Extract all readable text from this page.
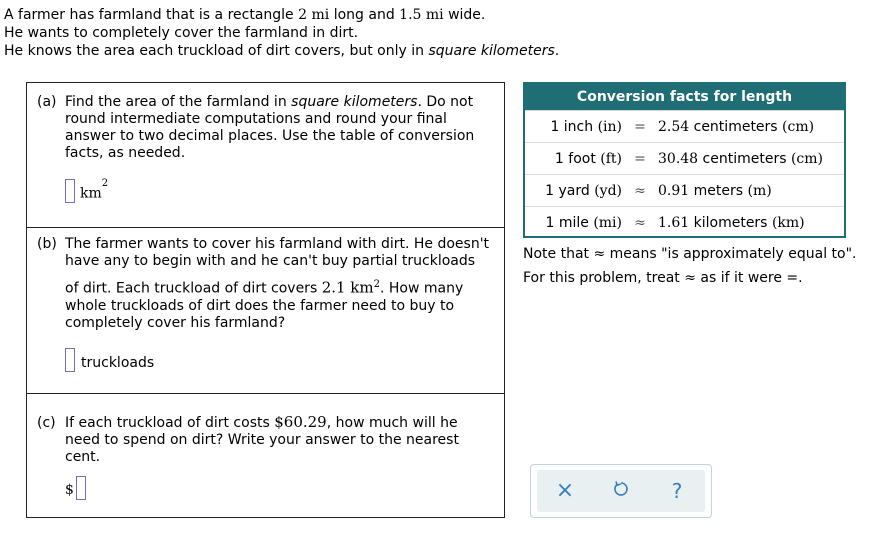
A farmer has farmland that is a rectangle 2 mi long and 1.5 mi wide.
He wants to completely cover the farmland in dirt.
He knows the area each truckload of dirt covers, but only in square kilometers.
(a) Find the area of the farmland in square kilometers. Do not
round intermediate computations and round your final
answer to two decimal places. Use the table of conversion
facts, as needed.
$km^2$
(b) The farmer wants to cover his farmland with dirt. He doesn't
have any to begin with and he can't buy partial truckloads
of dirt. Each truckload of dirt covers 2.1 $km^2$. How many
whole truckloads of dirt does the farmer need to buy to
completely cover his farmland?
truckloads
(c) If each truckload of dirt costs $60.29, how much will he
need to spend on dirt? Write your answer to the nearest
cent.
$
Conversion facts for length
1 inch (in) = 2.54 centimeters (cm)
1 foot (ft) = 30.48 centimeters (cm)
1 yard (yd) ≈ 0.91 meters (m)
1 mile (mi) ≈ 1.61 kilometers (km)
Note that ≈ means "is approximately equal to".
For this problem, treat ≈ as if it were =.
×	?
